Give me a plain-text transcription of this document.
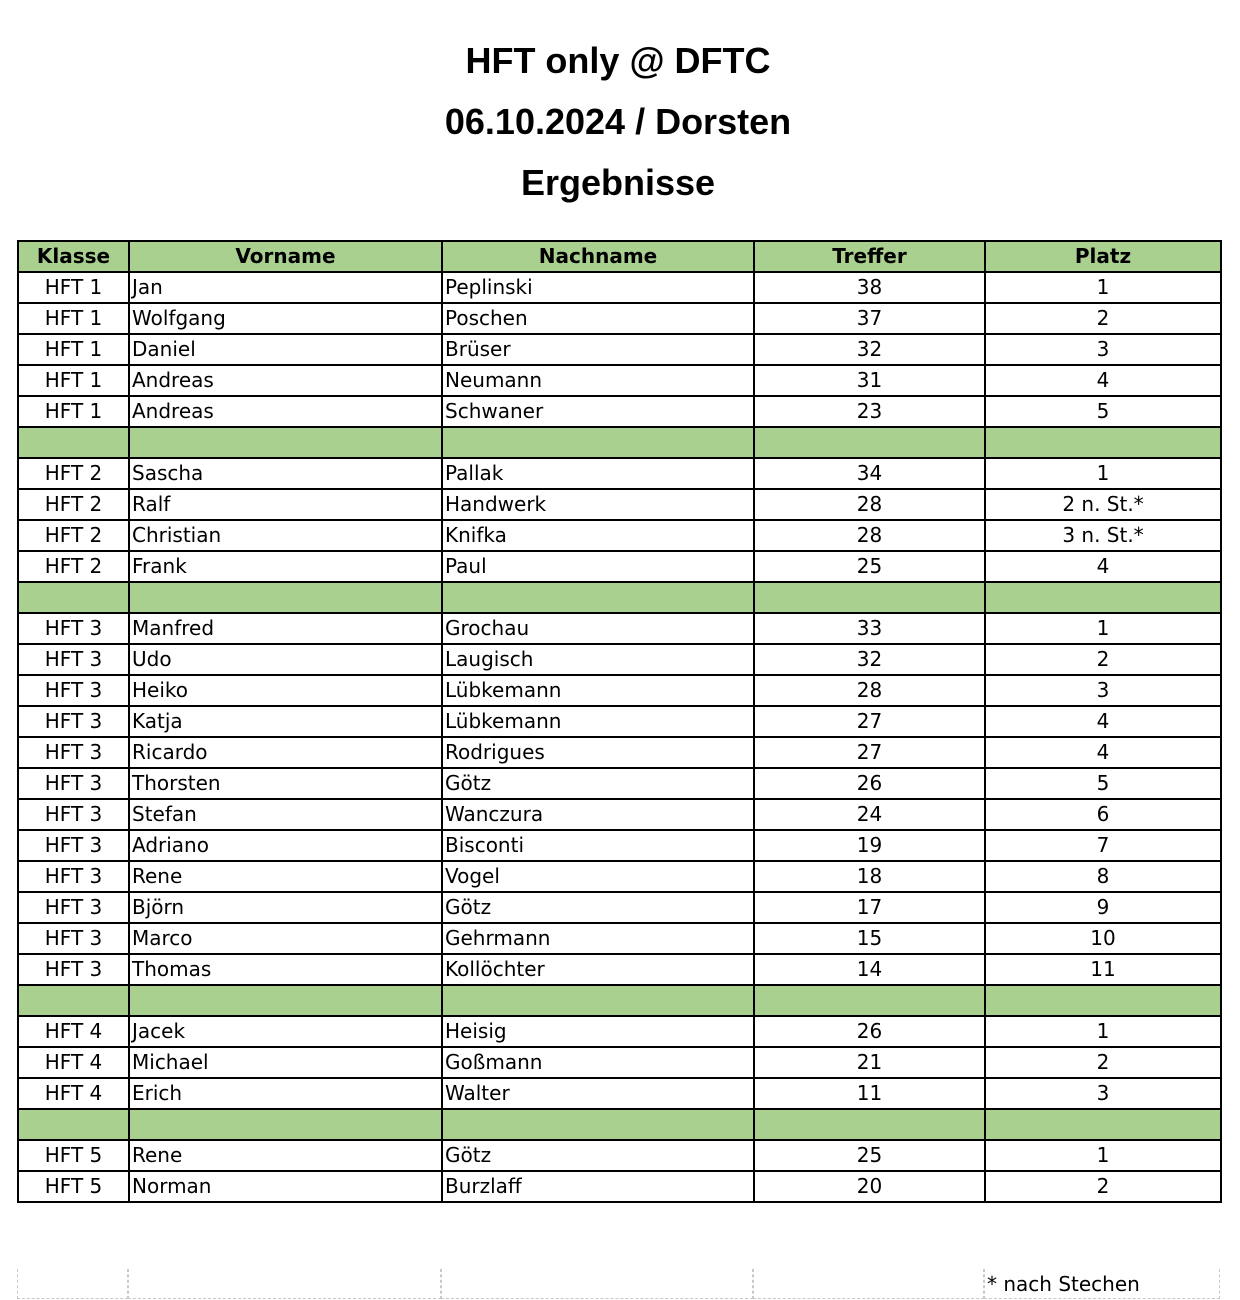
HFT only @ DFTC
06.10.2024 / Dorsten
Ergebnisse
Klasse	Vorname	Nachname	Treffer	Platz
HFT 1	Jan	Peplinski	38	1
HFT 1	Wolfgang	Poschen	37	2
HFT 1	Daniel	Brüser	32	3
HFT 1	Andreas	Neumann	31	4
HFT 1	Andreas	Schwaner	23	5

HFT 2	Sascha	Pallak	34	1
HFT 2	Ralf	Handwerk	28	2 n. St.*
HFT 2	Christian	Knifka	28	3 n. St.*
HFT 2	Frank	Paul	25	4

HFT 3	Manfred	Grochau	33	1
HFT 3	Udo	Laugisch	32	2
HFT 3	Heiko	Lübkemann	28	3
HFT 3	Katja	Lübkemann	27	4
HFT 3	Ricardo	Rodrigues	27	4
HFT 3	Thorsten	Götz	26	5
HFT 3	Stefan	Wanczura	24	6
HFT 3	Adriano	Bisconti	19	7
HFT 3	Rene	Vogel	18	8
HFT 3	Björn	Götz	17	9
HFT 3	Marco	Gehrmann	15	10
HFT 3	Thomas	Kollöchter	14	11

HFT 4	Jacek	Heisig	26	1
HFT 4	Michael	Goßmann	21	2
HFT 4	Erich	Walter	11	3

HFT 5	Rene	Götz	25	1
HFT 5	Norman	Burzlaff	20	2
* nach Stechen
